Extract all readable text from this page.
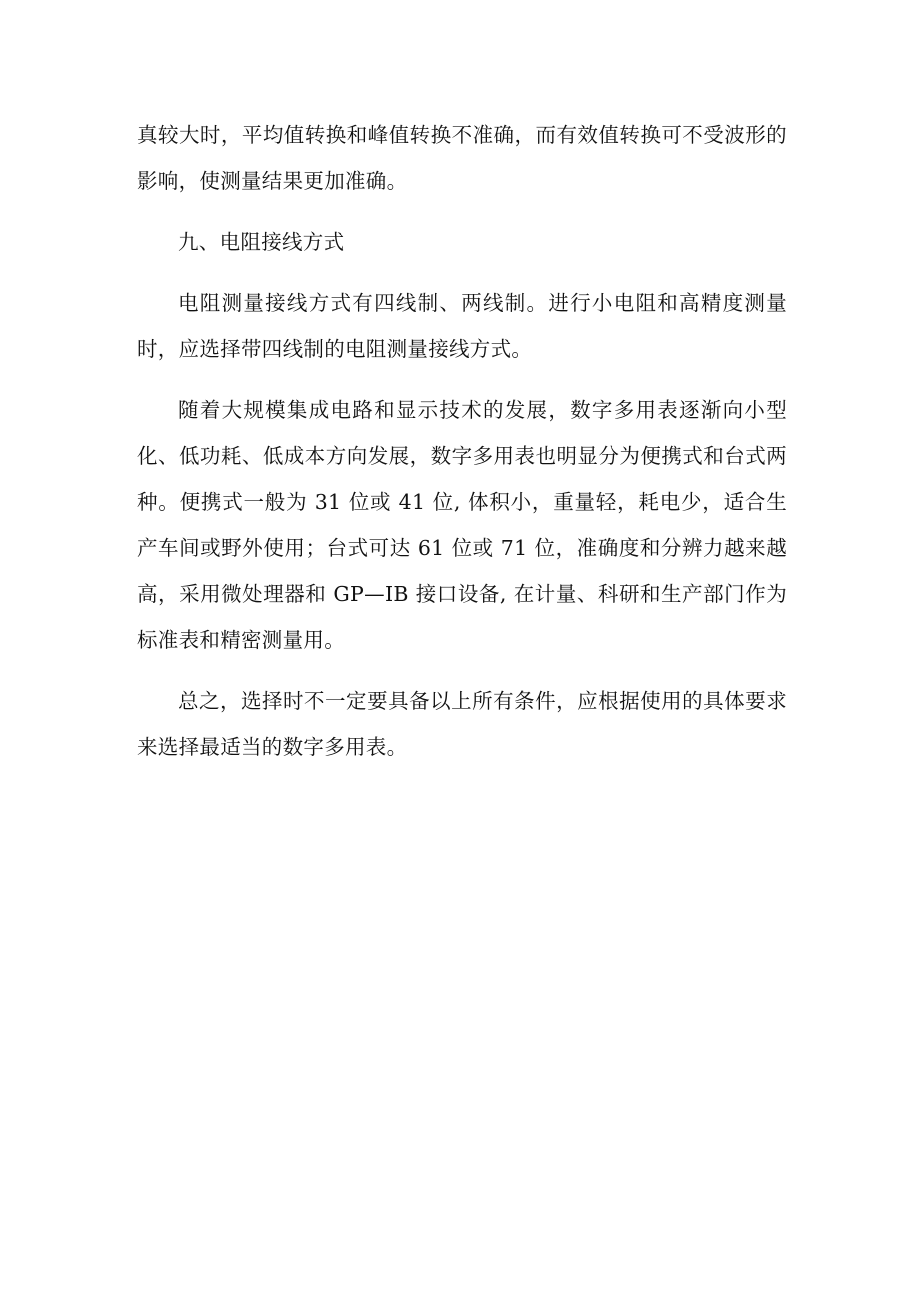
真较大时，平均值转换和峰值转换不准确，而有效值转换可不受波形的影响，使测量结果更加准确。

九、电阻接线方式

电阻测量接线方式有四线制、两线制。进行小电阻和高精度测量时，应选择带四线制的电阻测量接线方式。

随着大规模集成电路和显示技术的发展，数字多用表逐渐向小型化、低功耗、低成本方向发展，数字多用表也明显分为便携式和台式两种。便携式一般为 31 位或 41 位, 体积小，重量轻，耗电少，适合生产车间或野外使用；台式可达 61 位或 71 位，准确度和分辨力越来越高，采用微处理器和 GP—IB 接口设备, 在计量、科研和生产部门作为标准表和精密测量用。

总之，选择时不一定要具备以上所有条件，应根据使用的具体要求来选择最适当的数字多用表。
